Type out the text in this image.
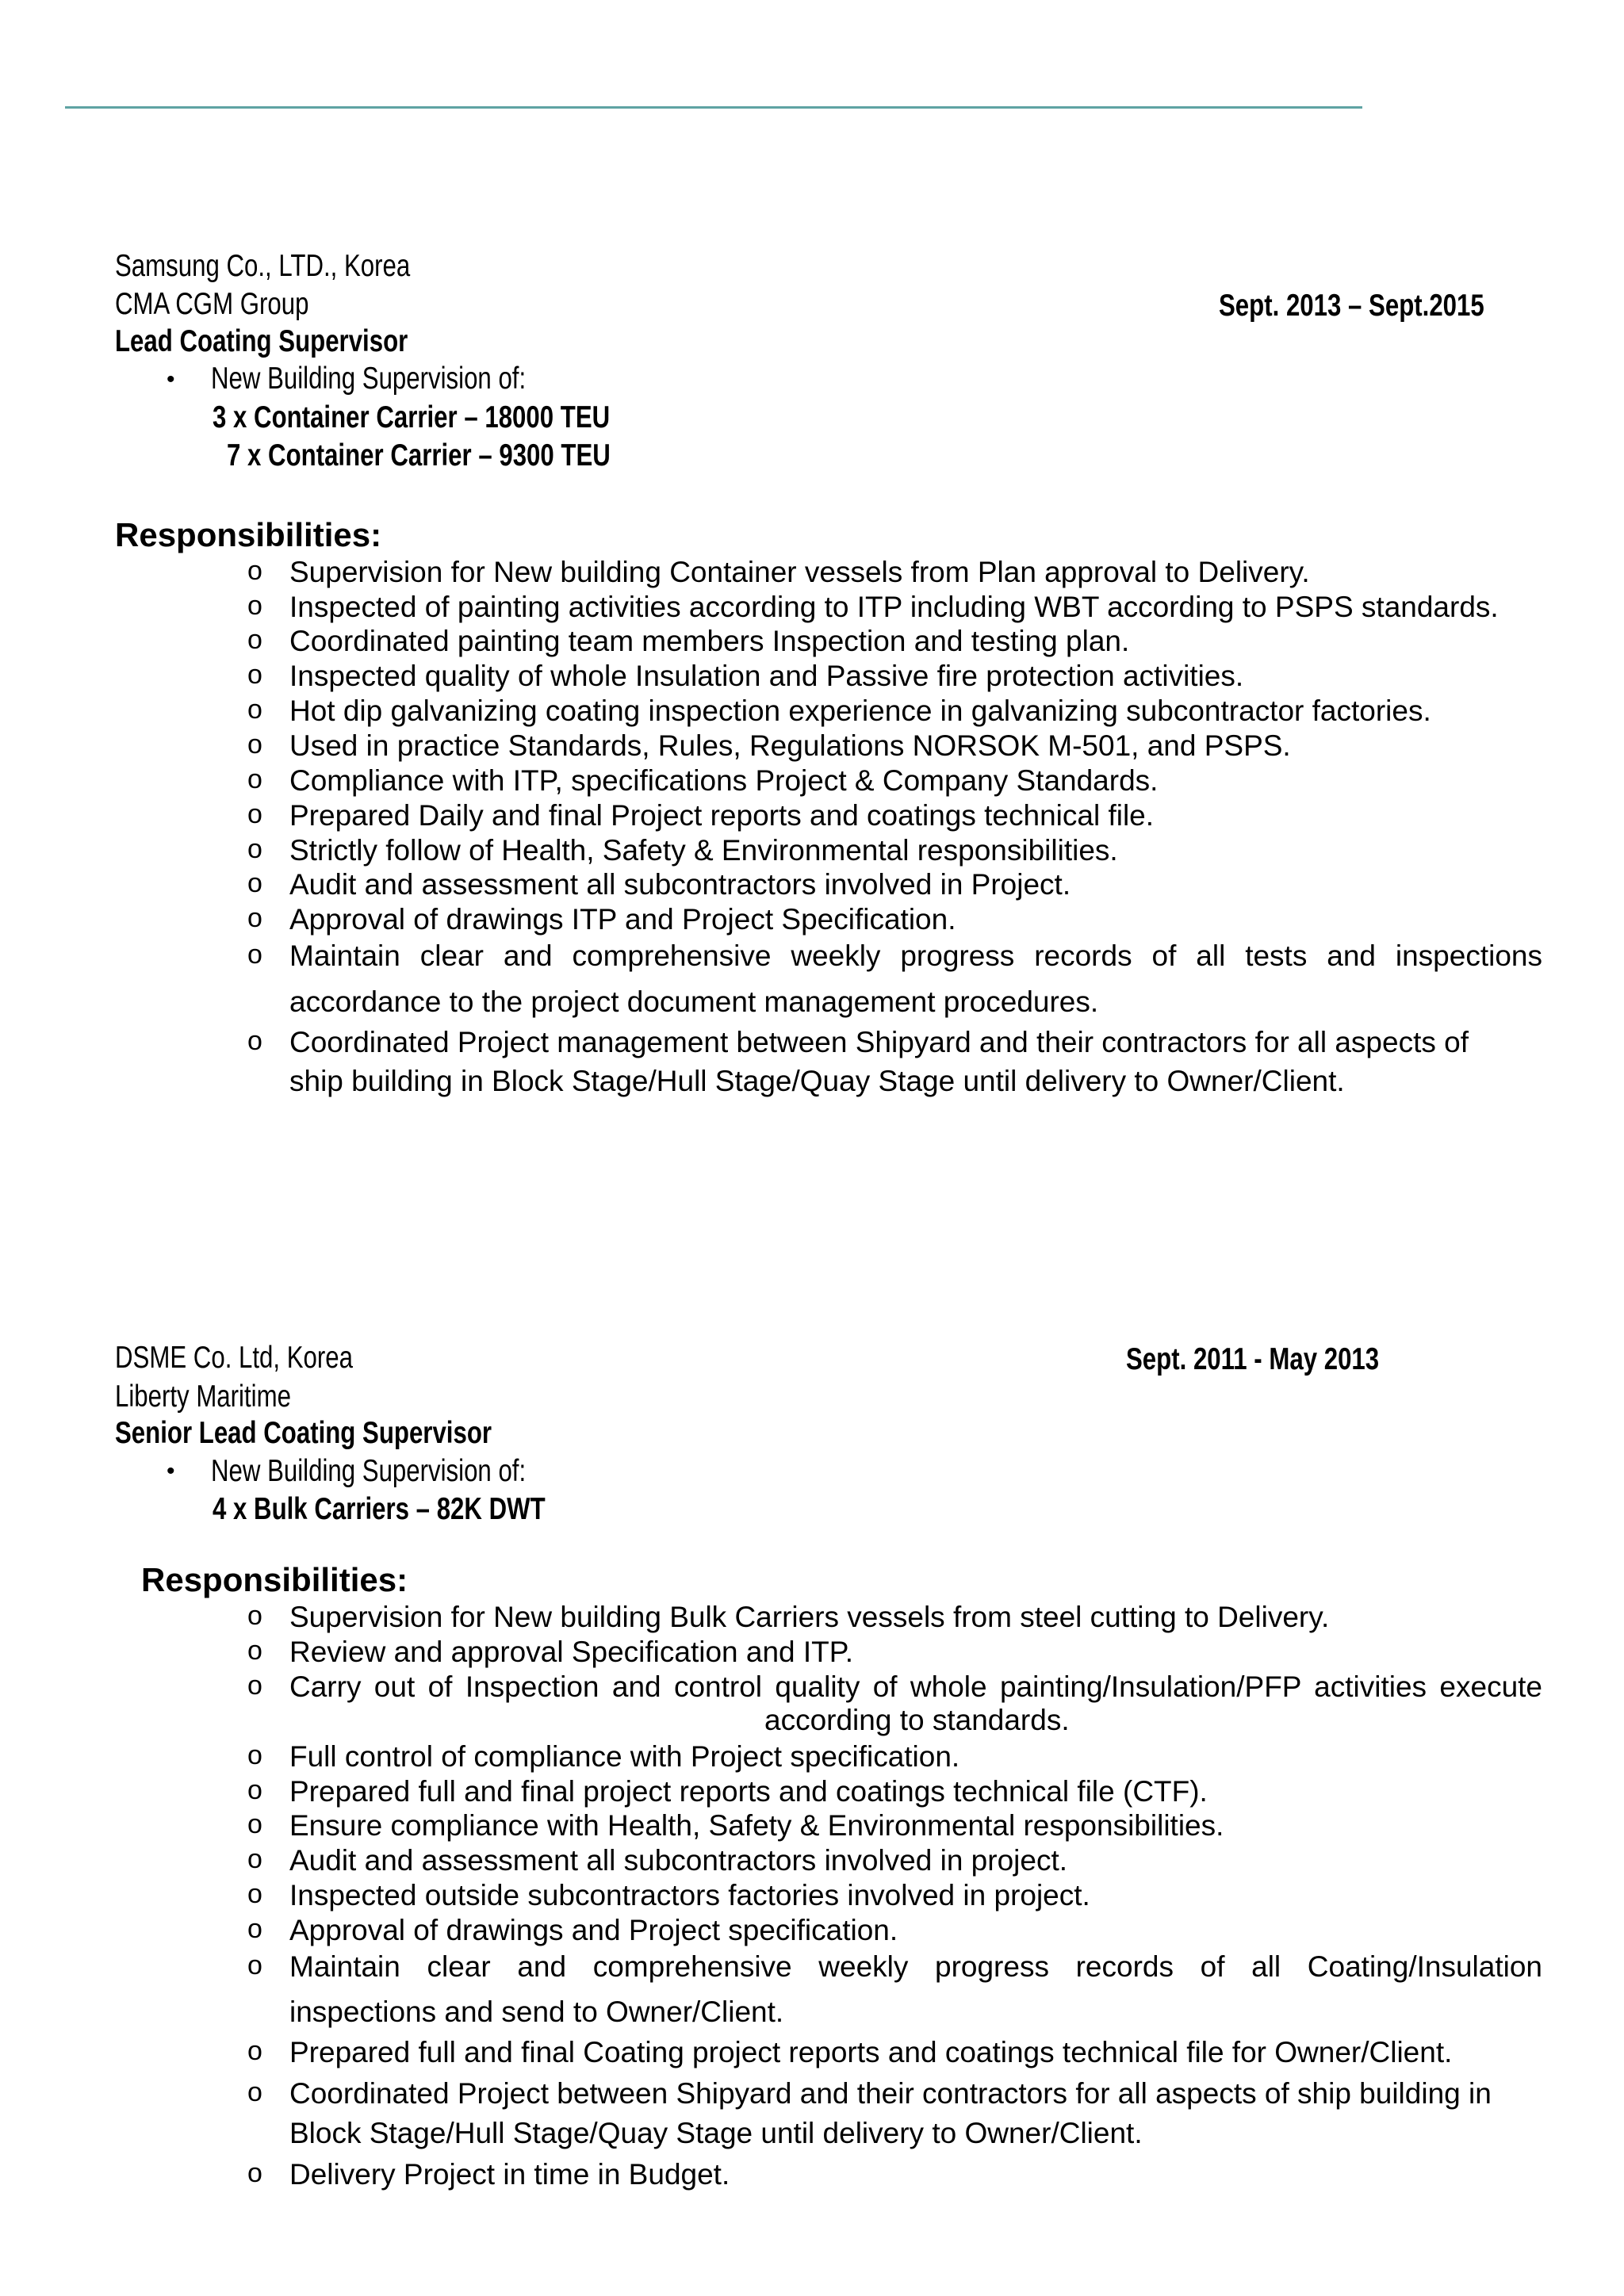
Samsung Co., LTD., Korea
CMA CGM Group	Sept. 2013 – Sept.2015
Lead Coating Supervisor
• New Building Supervision of:
3 x Container Carrier – 18000 TEU
7 x Container Carrier – 9300 TEU
Responsibilities:
o Supervision for New building Container vessels from Plan approval to Delivery.
o Inspected of painting activities according to ITP including WBT according to PSPS standards.
o Coordinated painting team members Inspection and testing plan.
o Inspected quality of whole Insulation and Passive fire protection activities.
o Hot dip galvanizing coating inspection experience in galvanizing subcontractor factories.
o Used in practice Standards, Rules, Regulations NORSOK M-501, and PSPS.
o Compliance with ITP, specifications Project & Company Standards.
o Prepared Daily and final Project reports and coatings technical file.
o Strictly follow of Health, Safety & Environmental responsibilities.
o Audit and assessment all subcontractors involved in Project.
o Approval of drawings ITP and Project Specification.
o Maintain clear and comprehensive weekly progress records of all tests and inspections
accordance to the project document management procedures.
o Coordinated Project management between Shipyard and their contractors for all aspects of
ship building in Block Stage/Hull Stage/Quay Stage until delivery to Owner/Client.
DSME Co. Ltd, Korea	Sept. 2011 - May 2013
Liberty Maritime
Senior Lead Coating Supervisor
• New Building Supervision of:
4 x Bulk Carriers – 82K DWT
Responsibilities:
o Supervision for New building Bulk Carriers vessels from steel cutting to Delivery.
o Review and approval Specification and ITP.
o Carry out of Inspection and control quality of whole painting/Insulation/PFP activities execute
according to standards.
o Full control of compliance with Project specification.
o Prepared full and final project reports and coatings technical file (CTF).
o Ensure compliance with Health, Safety & Environmental responsibilities.
o Audit and assessment all subcontractors involved in project.
o Inspected outside subcontractors factories involved in project.
o Approval of drawings and Project specification.
o Maintain clear and comprehensive weekly progress records of all Coating/Insulation
inspections and send to Owner/Client.
o Prepared full and final Coating project reports and coatings technical file for Owner/Client.
o Coordinated Project between Shipyard and their contractors for all aspects of ship building in
Block Stage/Hull Stage/Quay Stage until delivery to Owner/Client.
o Delivery Project in time in Budget.
